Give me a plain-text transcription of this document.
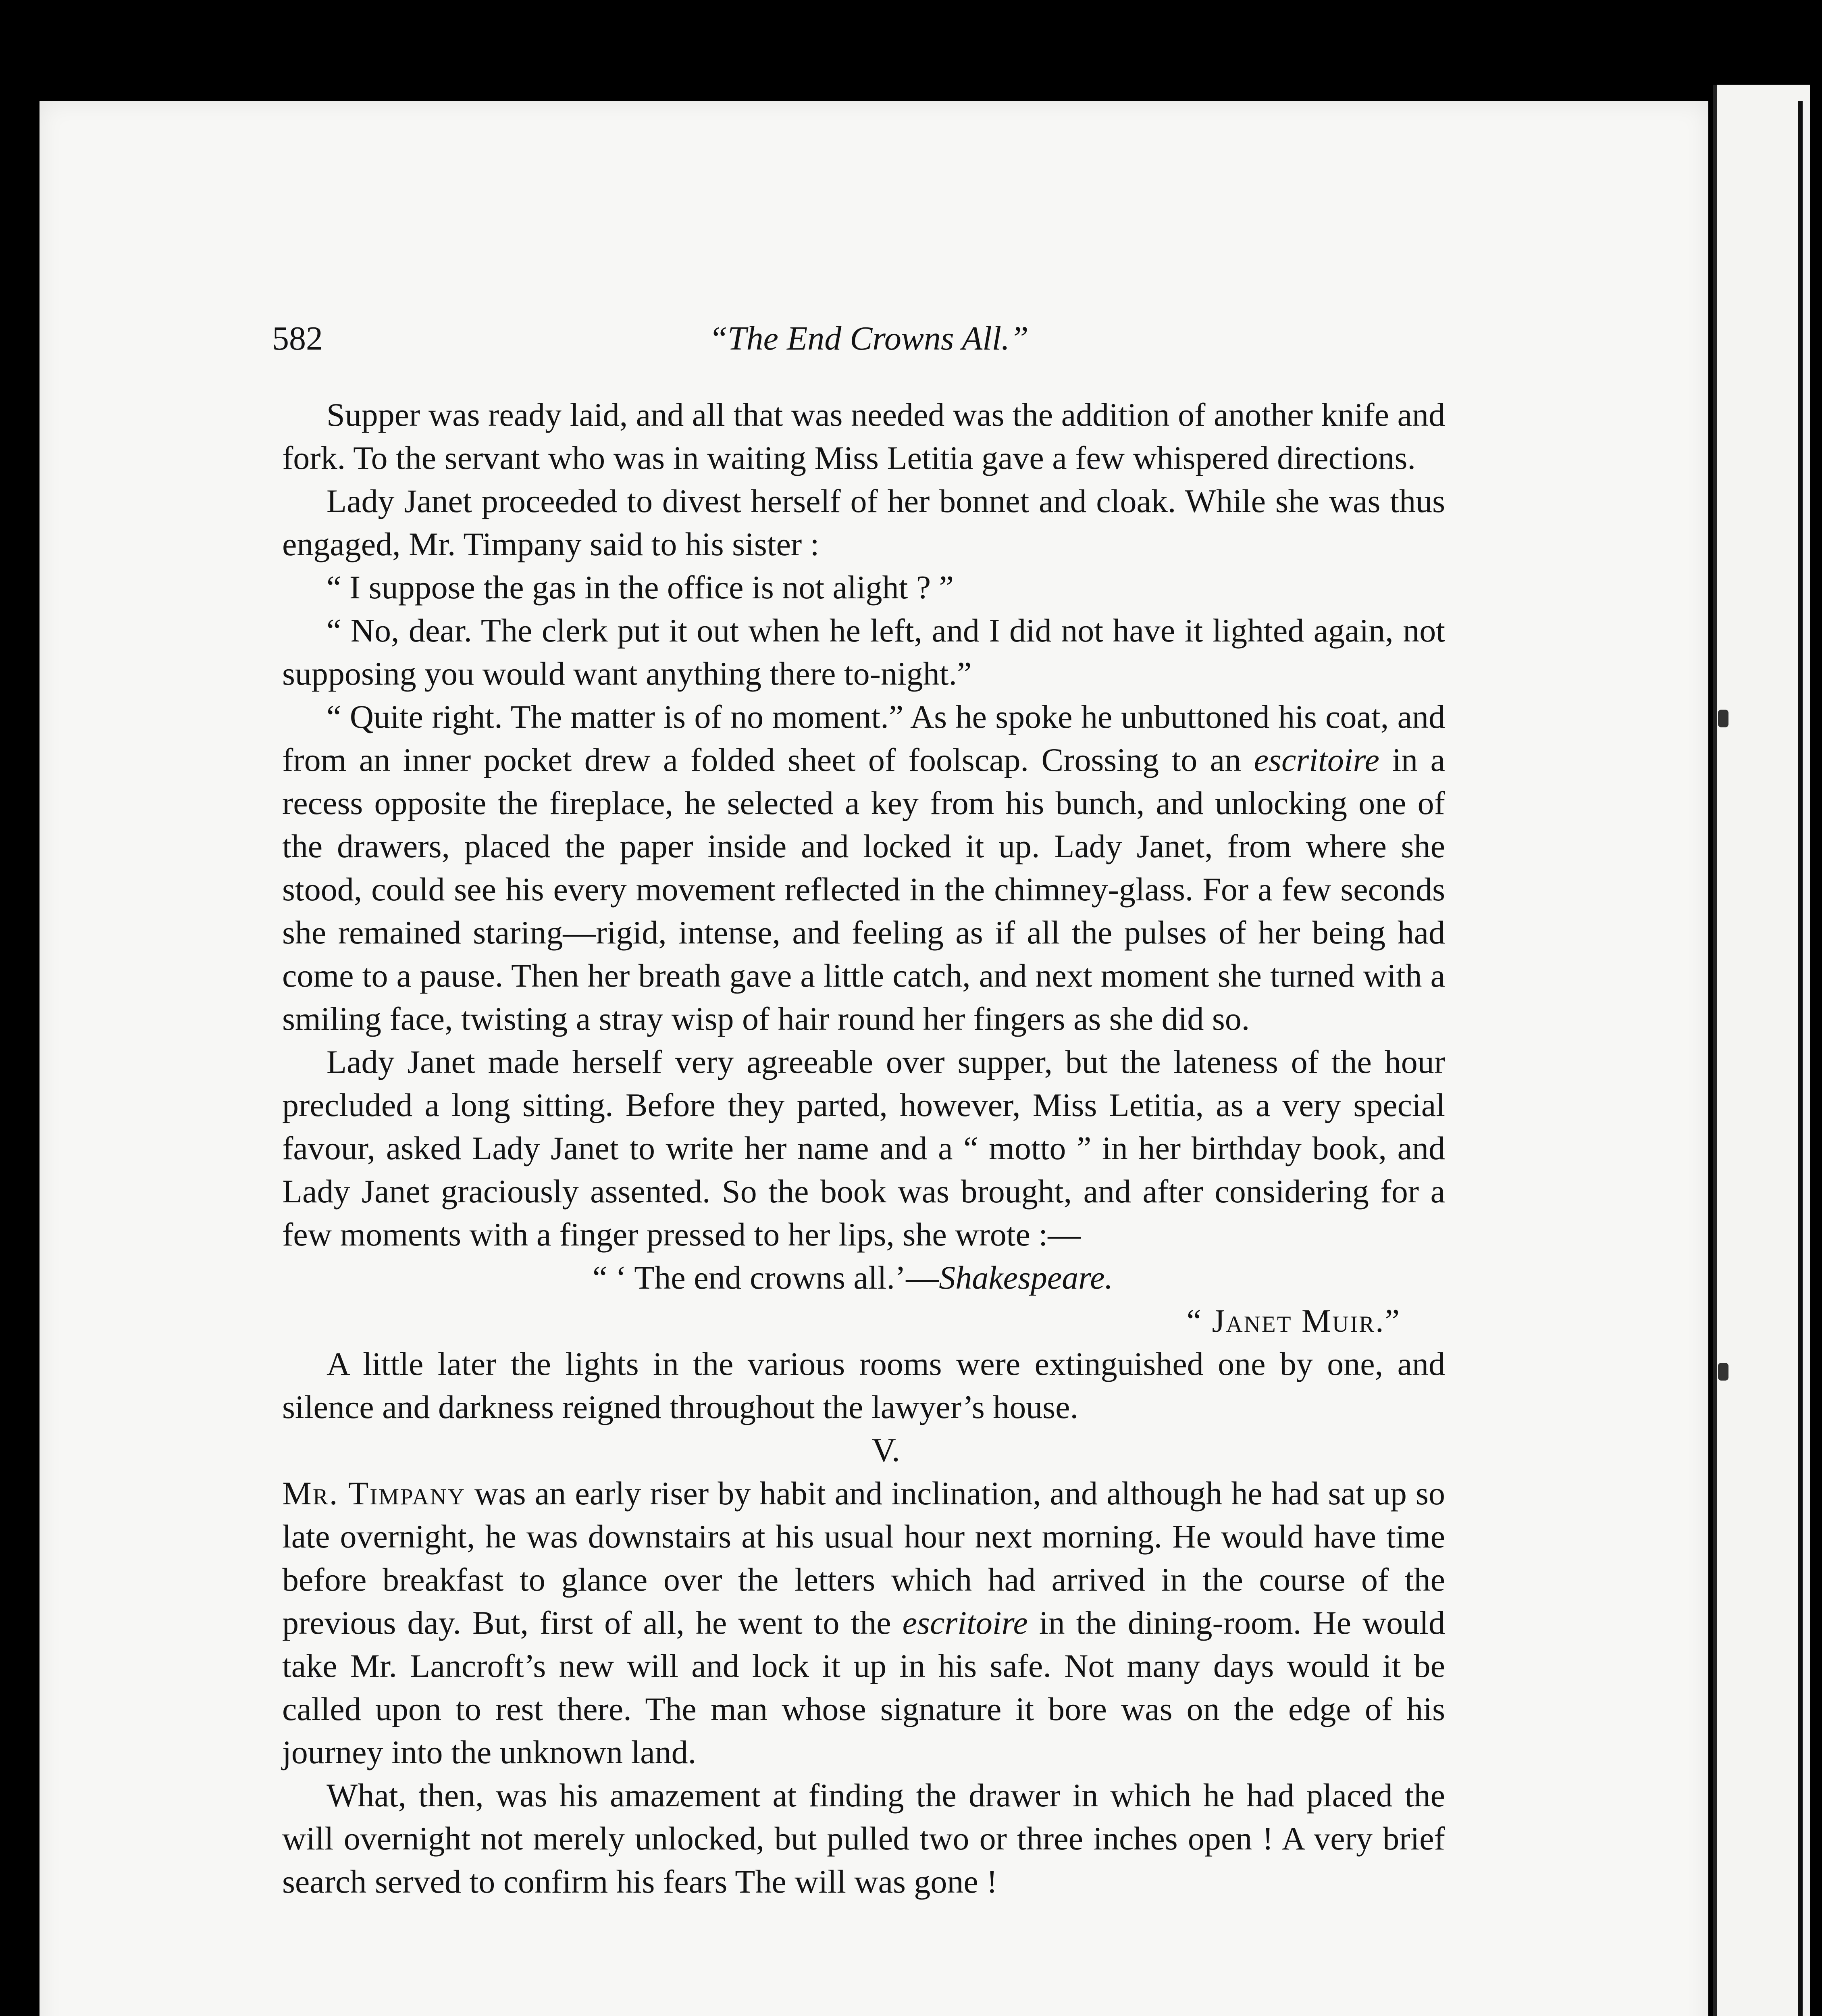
582	“The End Crowns All.”

Supper was ready laid, and all that was needed was the addition of another knife and fork. To the servant who was in waiting Miss Letitia gave a few whispered directions.

Lady Janet proceeded to divest herself of her bonnet and cloak. While she was thus engaged, Mr. Timpany said to his sister :

“ I suppose the gas in the office is not alight ? ”

“ No, dear. The clerk put it out when he left, and I did not have it lighted again, not supposing you would want anything there to-night.”

“ Quite right. The matter is of no moment.” As he spoke he unbuttoned his coat, and from an inner pocket drew a folded sheet of foolscap. Crossing to an escritoire in a recess opposite the fireplace, he selected a key from his bunch, and unlocking one of the drawers, placed the paper inside and locked it up. Lady Janet, from where she stood, could see his every movement reflected in the chimney-glass. For a few seconds she remained staring—rigid, intense, and feeling as if all the pulses of her being had come to a pause. Then her breath gave a little catch, and next moment she turned with a smiling face, twisting a stray wisp of hair round her fingers as she did so.

Lady Janet made herself very agreeable over supper, but the lateness of the hour precluded a long sitting. Before they parted, however, Miss Letitia, as a very special favour, asked Lady Janet to write her name and a “ motto ” in her birthday book, and Lady Janet graciously assented. So the book was brought, and after considering for a few moments with a finger pressed to her lips, she wrote :—

“ ‘ The end crowns all.’—Shakespeare.

“ Janet Muir.”

A little later the lights in the various rooms were extinguished one by one, and silence and darkness reigned throughout the lawyer’s house.

V.

Mr. Timpany was an early riser by habit and inclination, and although he had sat up so late overnight, he was downstairs at his usual hour next morning. He would have time before breakfast to glance over the letters which had arrived in the course of the previous day. But, first of all, he went to the escritoire in the dining-room. He would take Mr. Lancroft’s new will and lock it up in his safe. Not many days would it be called upon to rest there. The man whose signature it bore was on the edge of his journey into the unknown land.

What, then, was his amazement at finding the drawer in which he had placed the will overnight not merely unlocked, but pulled two or three inches open ! A very brief search served to confirm his fears The will was gone !
